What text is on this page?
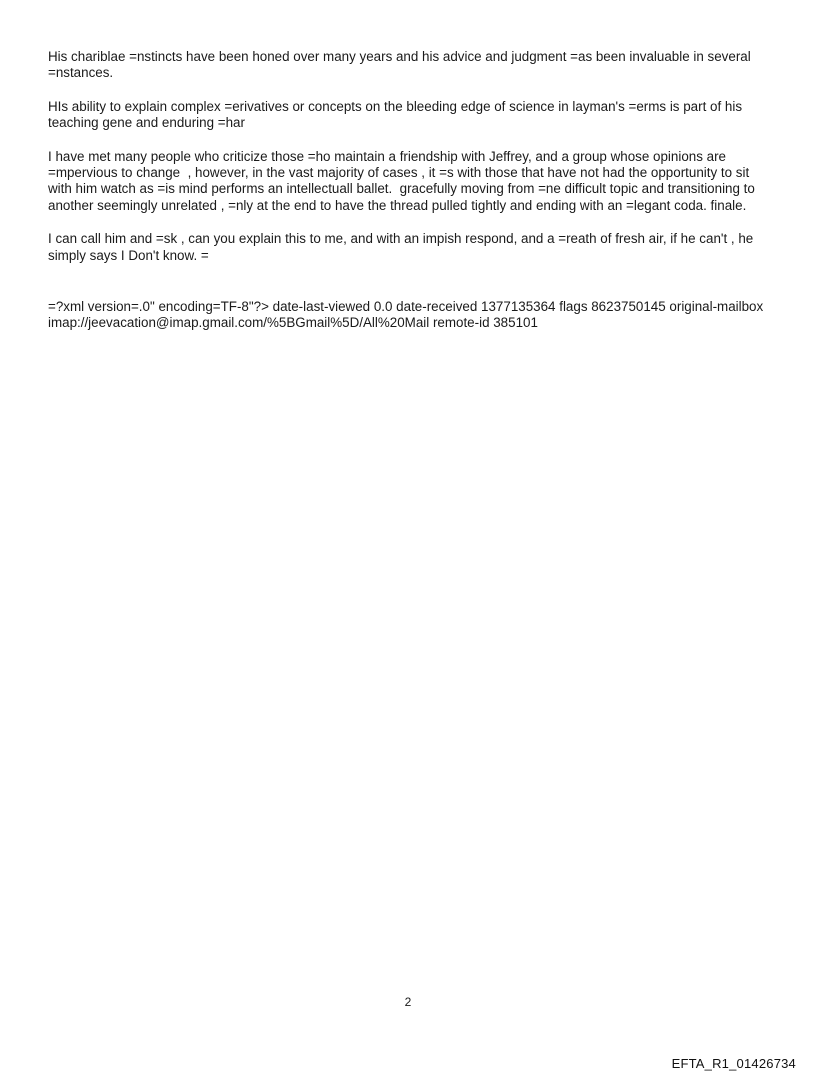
His chariblae =nstincts have been honed over many years and his advice and judgment =as been invaluable in several =nstances.

HIs ability to explain complex =erivatives or concepts on the bleeding edge of science in layman's =erms is part of his teaching gene and enduring =har

I have met many people who criticize those =ho maintain a friendship with Jeffrey, and a group whose opinions are =mpervious to change  , however, in the vast majority of cases , it =s with those that have not had the opportunity to sit with him watch as =is mind performs an intellectuall ballet.  gracefully moving from =ne difficult topic and transitioning to another seemingly unrelated , =nly at the end to have the thread pulled tightly and ending with an =legant coda. finale.

I can call him and =sk , can you explain this to me, and with an impish respond, and a =reath of fresh air, if he can't , he simply says I Don't know. =

=?xml version=.0" encoding=TF-8"?> date-last-viewed 0.0 date-received 1377135364 flags 8623750145 original-mailbox imap://jeevacation@imap.gmail.com/%5BGmail%5D/All%20Mail remote-id 385101

2
EFTA_R1_01426734
